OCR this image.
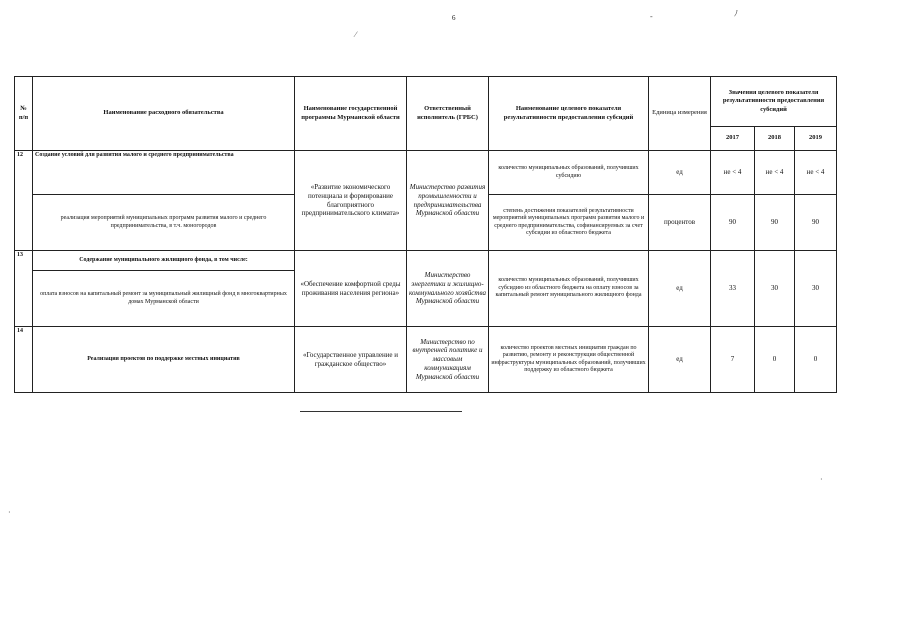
6	-	ﾉ
⁄
·
·
№ п/п	Наименование расходного обязательства	Наименование государственной программы Мурманской области	Ответственный исполнитель (ГРБС)	Наименование целевого показателя результативности предоставления субсидий	Единица измерения	Значения целевого показателя результативности предоставления субсидий		
						2017	2018	2019
12	Создание условий для развития малого и среднего предпринимательства	«Развитие экономического потенциала и формирование благоприятного предпринимательского климата»	Министерство развития промышленности и предпринимательства Мурманской области	количество муниципальных образований, получивших субсидию	ед	не < 4	не < 4	не < 4
	реализация мероприятий муниципальных программ развития малого и среднего предпринимательства, в т.ч. моногородов			степень достижения показателей результативности мероприятий муниципальных программ развития малого и среднего предпринимательства, софинансируемых за счет субсидии из областного бюджета	процентов	90	90	90
13	Содержание муниципального жилищного фонда, в том числе:	«Обеспечение комфортной среды проживания населения региона»	Министерство энергетики и жилищно-коммунального хозяйства Мурманской области	количество муниципальных образований, получивших субсидию из областного бюджета на оплату взносов за капитальный ремонт муниципального жилищного фонда	ед	33	30	30
	оплата взносов на капитальный ремонт за муниципальный жилищный фонд в многоквартирных домах Мурманской области							
14	Реализация проектов по поддержке местных инициатив	«Государственное управление и гражданское общество»	Министерство по внутренней политике и массовым коммуникациям Мурманской области	количество проектов местных инициатив граждан по развитию, ремонту и реконструкции общественной инфраструктуры муниципальных образований, получивших поддержку из областного бюджета	ед	7	0	0
